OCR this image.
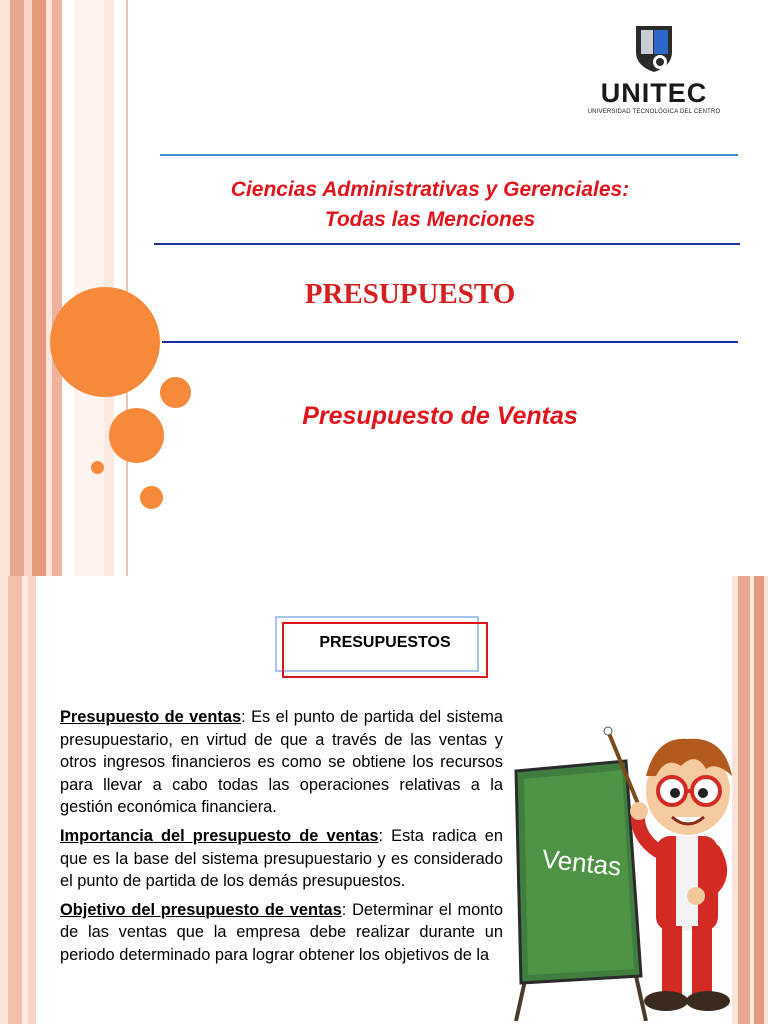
UNITEC
UNIVERSIDAD TECNOLÓGICA DEL CENTRO
Ciencias Administrativas y Gerenciales:
Todas las Menciones
PRESUPUESTO
Presupuesto de Ventas
PRESUPUESTOS

Presupuesto de ventas: Es el punto de partida del sistema presupuestario, en virtud de que a través de las ventas y otros ingresos financieros es como se obtiene los recursos para llevar a cabo todas las operaciones relativas a la gestión económica financiera.

Importancia del presupuesto de ventas: Esta radica en que es la base del sistema presupuestario y es considerado el punto de partida de los demás presupuestos.

Objetivo del presupuesto de ventas: Determinar el monto de las ventas que la empresa debe realizar durante un periodo determinado para lograr obtener los objetivos de la

Ventas
